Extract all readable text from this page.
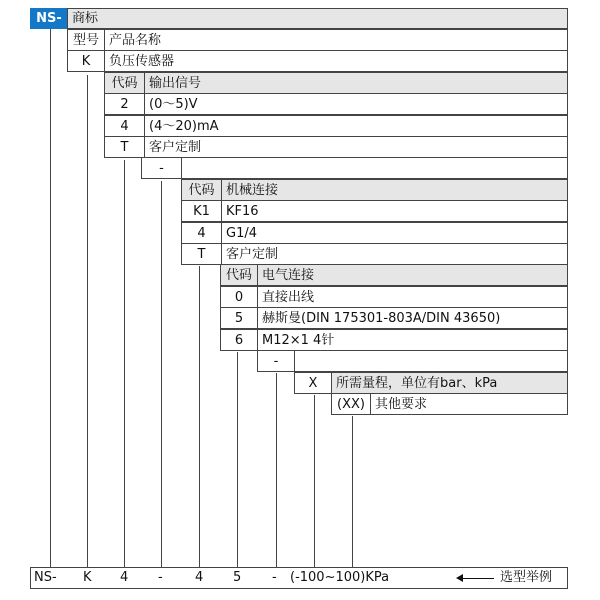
NS- 商标
型号 产品名称
K 负压传感器
代码 输出信号
2 (0～5)V
4 (4～20)mA
T 客户定制
-
代码 机械连接
K1 KF16
4 G1/4
T 客户定制
代码 电气连接
0 直接出线
5 赫斯曼(DIN 175301-803A/DIN 43650)
6 M12×1 4针
-
X 所需量程，单位有bar、kPa
(XX) 其他要求
NS- K 4 - 4 5 - (-100~100)KPa	选型举例
